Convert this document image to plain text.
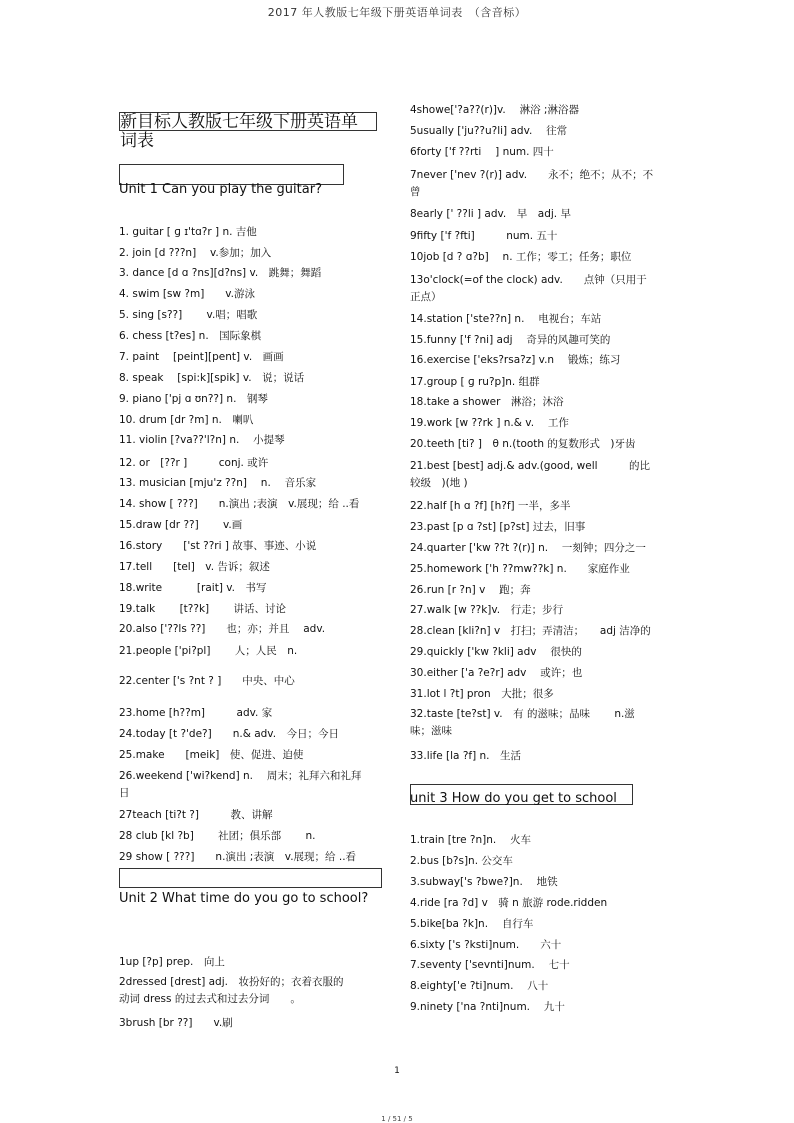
2017 年人教版七年级下册英语单词表　（含音标）
新目标人教版七年级下册英语单词表
Unit 1 Can you play the guitar?
1. guitar [ ɡ ɪ'tɑ?r ] n. 吉他
2. join [d ???n]　 v.参加；加入
3. dance [d ɑ ?ns][d?ns] v.　跳舞；舞蹈
4. swim [sw ?m]　　v.游泳
5. sing [s??]　　 v.唱；唱歌
6. chess [t?es] n.　国际象棋
7. paint　 [peint][pent] v.　画画
8. speak　 [spi:k][spik] v.　说；说话
9. piano ['pj ɑ ʊn??] n.　钢琴
10. drum [dr ?m] n.　喇叭
11. violin [?va??'l?n] n.　 小提琴
12. or　[??r ]　　　conj. 或许
13. musician [mju'z ??n]　 n.　 音乐家
14. show [ ???]　　n.演出 ;表演　v.展现；给 ..看
15.draw [dr ??]　　 v.画
16.story　　['st ??ri ] 故事、事迹、小说
17.tell　　[tel]　v. 告诉；叙述
18.write　　　 [rait] v.　书写
19.talk　　 [t??k]　　 讲话、讨论
20.also ['??ls ??]　　也；亦；并且　 adv.
21.people ['pi?pl]　　 人；人民　n.
22.center ['s ?nt ? ]　　中央、中心
23.home [h??m]　　　adv. 家
24.today [t ?'de?]　　n.& adv.　今日；今日
25.make　　[meik]　使、促进、迫使
26.weekend ['wi?kend] n.　 周末；礼拜六和礼拜日
27teach [ti?t ?]　　　教、讲解
28 club [kl ?b]　　 社团；俱乐部　　 n.
29 show [ ???]　　n.演出 ;表演　v.展现；给 ..看
Unit 2 What time do you go to school?
1up [?p] prep.　向上
2dressed [drest] adj.　妆扮好的；衣着衣服的　动词 dress 的过去式和过去分词　　。
3brush [br ??]　　v.刷
4showe['?a??(r)]v.　 淋浴 ;淋浴器
5usually ['ju??u?li] adv.　 往常
6forty ['f ??rti　 ] num. 四十
7never ['nev ?(r)] adv.　　永不；绝不；从不；不曾
8early [' ??li ] adv.　早　adj. 早
9fifty ['f ?fti]　　　num. 五十
10job [d ? ɑ?b]　 n. 工作；零工；任务；职位
13o'clock(=of the clock) adv.　　点钟（只用于正点）
14.station ['ste??n] n.　 电视台；车站
15.funny ['f ?ni] adj　 奇异的风趣可笑的
16.exercise ['eks?rsa?z] v.n　 锻炼；练习
17.group [ ɡ ru?p]n. 组群
18.take a shower　淋浴；沐浴
19.work [w ??rk ] n.& v.　 工作
20.teeth [ti? ]　θ n.(tooth 的复数形式　)牙齿
21.best [best] adj.& adv.(good, well　　　的比较级　)(地 )
22.half [h ɑ ?f] [h?f] 一半，多半
23.past [p ɑ ?st] [p?st] 过去，旧事
24.quarter ['kw ??t ?(r)] n.　 一刻钟；四分之一
25.homework ['h ??mw??k] n.　　家庭作业
26.run [r ?n] v　 跑；奔
27.walk [w ??k]v.　行走；步行
28.clean [kli?n] v　打扫；弄清洁；　　adj 洁净的
29.quickly ['kw ?kli] adv　 很快的
30.either ['a ?e?r] adv　 或许；也
31.lot l ?t] pron　大批；很多
32.taste [te?st] v.　有 的滋味；品味　　 n.滋味；滋味
33.life [la ?f] n.　生活
unit 3 How do you get to school
1.train [tre ?n]n.　 火车
2.bus [b?s]n. 公交车
3.subway['s ?bwe?]n.　 地铁
4.ride [ra ?d] v　骑 n 旅游 rode.ridden
5.bike[ba ?k]n.　 自行车
6.sixty ['s ?ksti]num.　　六十
7.seventy ['sevnti]num.　 七十
8.eighty['e ?ti]num.　 八十
9.ninety ['na ?nti]num.　 九十
1
1 / 51 / 5
